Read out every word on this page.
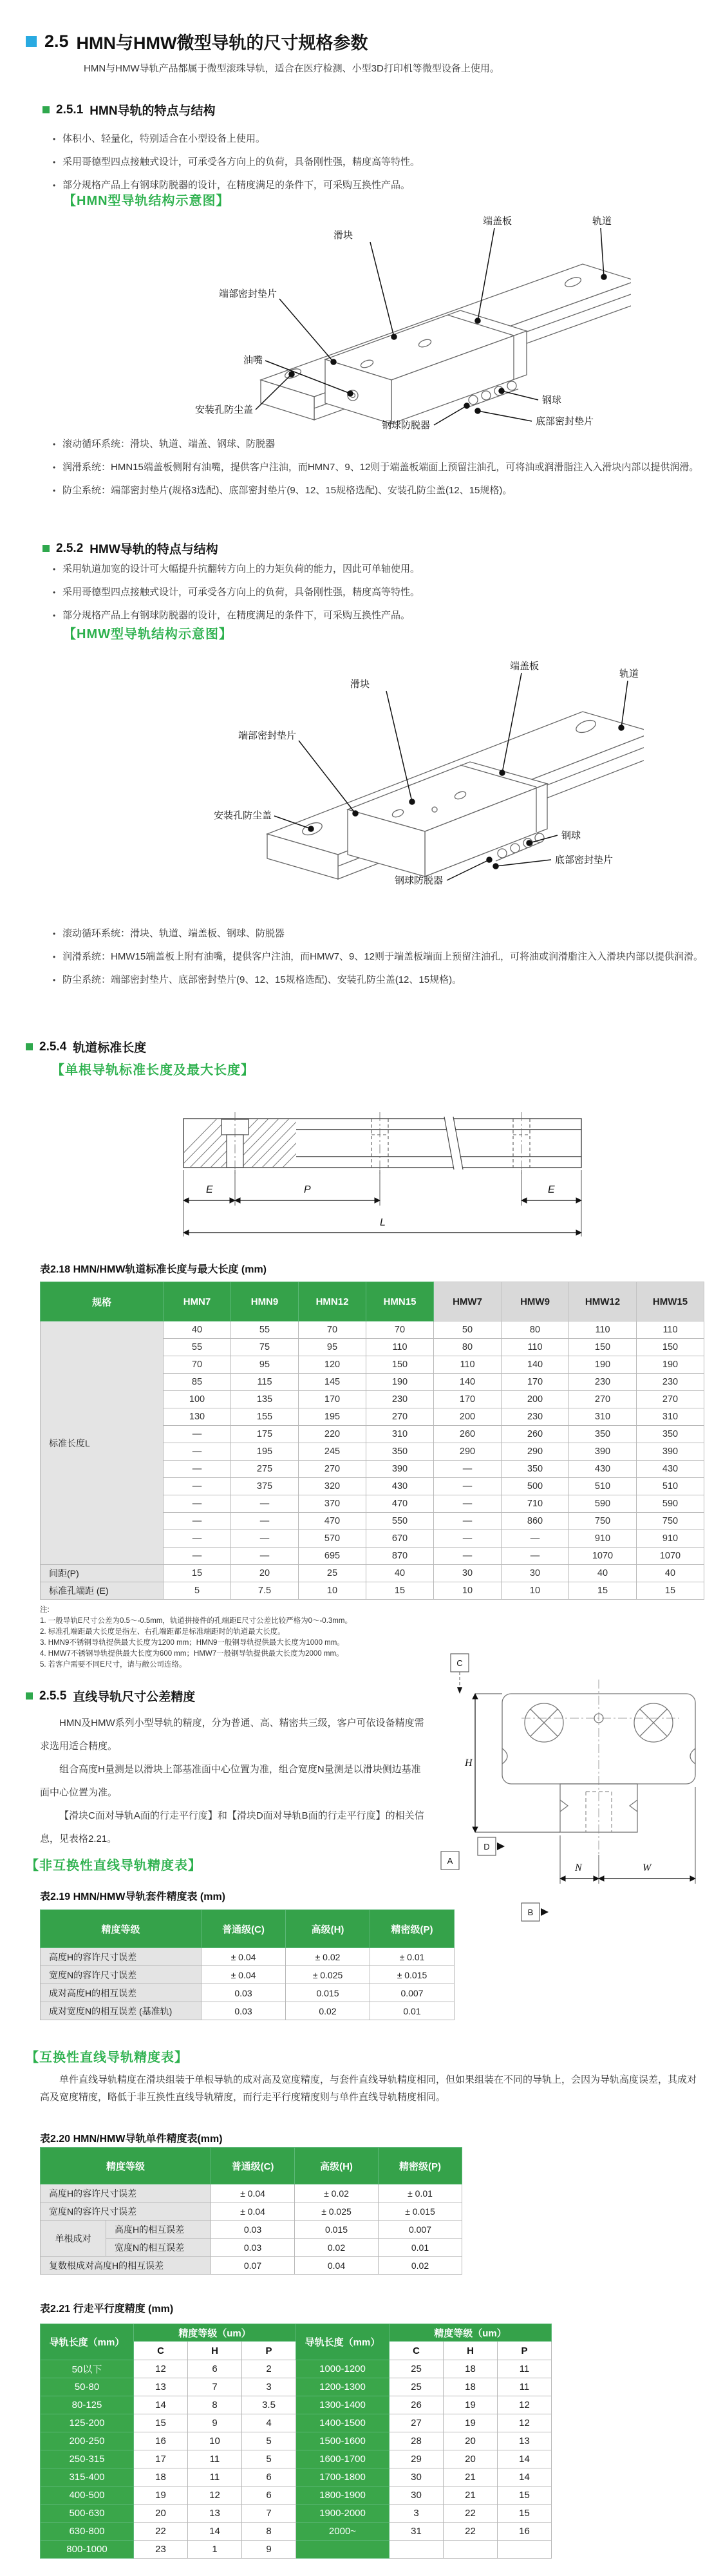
2.5 HMN与HMW微型导轨的尺寸规格参数
HMN与HMW导轨产品都属于微型滚珠导轨，适合在医疗检测、小型3D打印机等微型设备上使用。
2.5.1 HMN导轨的特点与结构
• 体积小、轻量化，特别适合在小型设备上使用。
• 采用哥德型四点接触式设计，可承受各方向上的负荷，具备刚性强，精度高等特性。
• 部分规格产品上有钢球防脱器的设计，在精度满足的条件下，可采购互换性产品。
【HMN型导轨结构示意图】
滑块
端盖板	轨道
端部密封垫片
油嘴
安装孔防尘盖
钢球
底部密封垫片
钢球防脱器
• 滚动循环系统：滑块、轨道、端盖、钢球、防脱器
• 润滑系统：HMN15端盖板侧附有油嘴，提供客户注油，而HMN7、9、12则于端盖板端面上预留注油孔，可将油或润滑脂注入入滑块内部以提供润滑。
• 防尘系统：端部密封垫片(规格3选配)、底部密封垫片(9、12、15规格选配)、安装孔防尘盖(12、15规格)。
2.5.2 HMW导轨的特点与结构
• 采用轨道加宽的设计可大幅提升抗翻转方向上的力矩负荷的能力，因此可单轴使用。
• 采用哥德型四点接触式设计，可承受各方向上的负荷，具备刚性强，精度高等特性。
• 部分规格产品上有钢球防脱器的设计，在精度满足的条件下，可采购互换性产品。
【HMW型导轨结构示意图】
滑块
端盖板
轨道
端部密封垫片
安装孔防尘盖
钢球
底部密封垫片
钢球防脱器
• 滚动循环系统：滑块、轨道、端盖板、钢球、防脱器
• 润滑系统：HMW15端盖板上附有油嘴，提供客户注油，而HMW7、9、12则于端盖板端面上预留注油孔，可将油或润滑脂注入入滑块内部以提供润滑。
• 防尘系统：端部密封垫片、底部密封垫片(9、12、15规格选配)、安装孔防尘盖(12、15规格)。
2.5.4 轨道标准长度
【单根导轨标准长度及最大长度】
E	P	E
L
表2.18 HMN/HMW轨道标准长度与最大长度 (mm)
规格	HMN7	HMN9	HMN12	HMN15	HMW7	HMW9	HMW12	HMW15
标准长度L	40	55	70	70	50	80	110	110
	55	75	95	110	80	110	150	150
	70	95	120	150	110	140	190	190
	85	115	145	190	140	170	230	230
	100	135	170	230	170	200	270	270
	130	155	195	270	200	230	310	310
	—	175	220	310	260	260	350	350
	—	195	245	350	290	290	390	390
	—	275	270	390	—	350	430	430
	—	375	320	430	—	500	510	510
	—	—	370	470	—	710	590	590
	—	—	470	550	—	860	750	750
	—	—	570	670	—	—	910	910
	—	—	695	870	—	—	1070	1070
间距(P)	15	20	25	40	30	30	40	40
标准孔端距 (E)	5	7.5	10	15	10	10	15	15
注:
1. 一般导轨E尺寸公差为0.5～-0.5mm，轨道拼接件的孔端距E尺寸公差比较严格为0～-0.3mm。
2. 标准孔端距最大长度是指左、右孔端距都是标准端距时的轨道最大长度。
3. HMN9不锈钢导轨提供最大长度为1200 mm；HMN9一般钢导轨提供最大长度为1000 mm。
4. HMW7不锈钢导轨提供最大长度为600 mm；HMW7一般钢导轨提供最大长度为2000 mm。
5. 若客户需要不同E尺寸，请与敝公司连络。
2.5.5 直线导轨尺寸公差精度

HMN及HMW系列小型导轨的精度，分为普通、高、精密共三级，客户可依设备精度需求选用适合精度。

组合高度H量测是以滑块上部基准面中心位置为准，组合宽度N量测是以滑块侧边基准面中心位置为准。

【滑块C面对导轨A面的行走平行度】和【滑块D面对导轨B面的行走平行度】的相关信息，见表格2.21。

H
C
N	W
A
D
B
【非互换性直线导轨精度表】
表2.19 HMN/HMW导轨套件精度表 (mm)
精度等级	普通级(C)	高级(H)	精密级(P)
高度H的容许尺寸误差	± 0.04	± 0.02	± 0.01
宽度N的容许尺寸误差	± 0.04	± 0.025	± 0.015
成对高度H的相互误差	0.03	0.015	0.007
成对宽度N的相互误差 (基准轨)	0.03	0.02	0.01
【互换性直线导轨精度表】

单件直线导轨精度在滑块组装于单根导轨的成对高及宽度精度，与套件直线导轨精度相同，但如果组装在不同的导轨上，会因为导轨高度误差，其成对高及宽度精度，略低于非互换性直线导轨精度，而行走平行度精度则与单件直线导轨精度相同。

表2.20 HMN/HMW导轨单件精度表(mm)
精度等级		普通级(C)	高级(H)	精密级(P)
高度H的容许尺寸误差		± 0.04	± 0.02	± 0.01
宽度N的容许尺寸误差		± 0.04	± 0.025	± 0.015
单根成对	高度H的相互误差	0.03	0.015	0.007
	宽度N的相互误差	0.03	0.02	0.01
复数根成对高度H的相互误差		0.07	0.04	0.02
表2.21 行走平行度精度 (mm)
导轨长度（mm）	精度等级（um）			导轨长度（mm）	精度等级（um）		
	C	H	P		C	H	P
50以下	12	6	2	1000-1200	25	18	11
50-80	13	7	3	1200-1300	25	18	11
80-125	14	8	3.5	1300-1400	26	19	12
125-200	15	9	4	1400-1500	27	19	12
200-250	16	10	5	1500-1600	28	20	13
250-315	17	11	5	1600-1700	29	20	14
315-400	18	11	6	1700-1800	30	21	14
400-500	19	12	6	1800-1900	30	21	15
500-630	20	13	7	1900-2000	3	22	15
630-800	22	14	8	2000~	31	22	16
800-1000	23	1	9				
